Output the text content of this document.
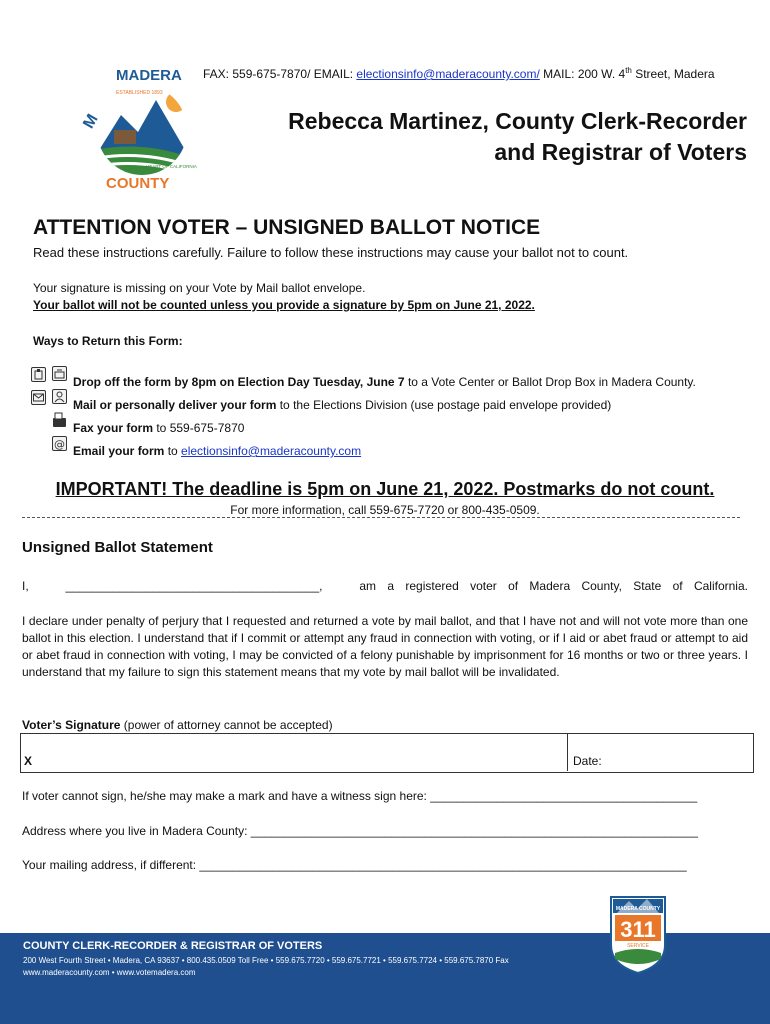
M
MADERA
COUNTY
ESTABLISHED 1893
HEART OF CALIFORNIA
FAX: 559-675-7870/ EMAIL: electionsinfo@maderacounty.com/ MAIL: 200 W. 4th Street, Madera
Rebecca Martinez, County Clerk-Recorder
and Registrar of Voters
ATTENTION VOTER – UNSIGNED BALLOT NOTICE
Read these instructions carefully. Failure to follow these instructions may cause your ballot not to count.
Your signature is missing on your Vote by Mail ballot envelope.
Your ballot will not be counted unless you provide a signature by 5pm on June 21, 2022.
Ways to Return this Form:
@
Drop off the form by 8pm on Election Day Tuesday, June 7 to a Vote Center or Ballot Drop Box in Madera County.
Mail or personally deliver your form to the Elections Division (use postage paid envelope provided)
Fax your form to 559-675-7870
Email your form to electionsinfo@maderacounty.com
IMPORTANT! The deadline is 5pm on June 21, 2022. Postmarks do not count.
For more information, call 559-675-7720 or 800-435-0509.
Unsigned Ballot Statement
I,	______________________________________,	am a registered voter of Madera County, State of California.
I declare under penalty of perjury that I requested and returned a vote by mail ballot, and that I have not and will not vote more than one ballot in this election. I understand that if I commit or attempt any fraud in connection with voting, or if I aid or abet fraud or attempt to aid or abet fraud in connection with voting, I may be convicted of a felony punishable by imprisonment for 16 months or two or three years. I understand that my failure to sign this statement means that my vote by mail ballot will be invalidated.
Voter’s Signature (power of attorney cannot be accepted)
X	Date:
If voter cannot sign, he/she may make a mark and have a witness sign here: ________________________________________
Address where you live in Madera County: ___________________________________________________________________
Your mailing address, if different: _________________________________________________________________________
COUNTY CLERK-RECORDER & REGISTRAR OF VOTERS
200 West Fourth Street • Madera, CA 93637 • 800.435.0509 Toll Free • 559.675.7720 • 559.675.7721 • 559.675.7724 • 559.675.7870 Fax
www.maderacounty.com • www.votemadera.com
MADERA COUNTY
311
SERVICE
